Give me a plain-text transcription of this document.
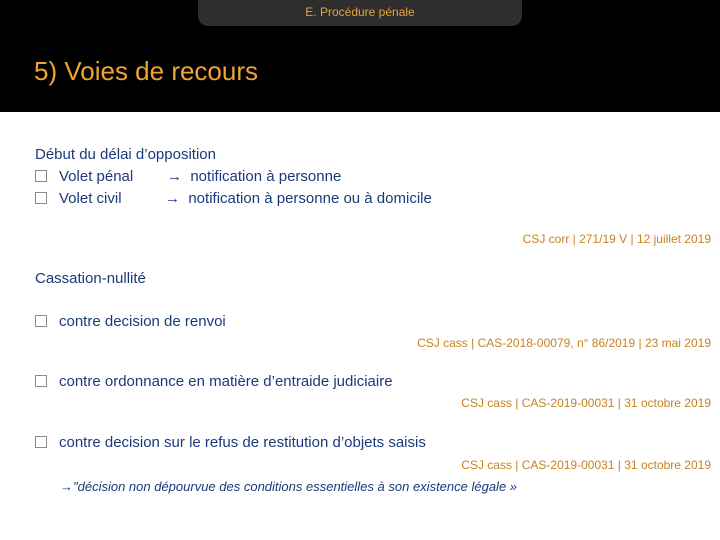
E. Procédure pénale
5) Voies de recours
Début du délai d’opposition
Volet pénal → notification à personne
Volet civil	→ notification à personne ou à domicile
CSJ corr | 271/19 V | 12 juillet 2019
Cassation-nullité
contre decision de renvoi
CSJ cass | CAS-2018-00079, n° 86/2019 | 23 mai 2019
contre ordonnance en matière d’entraide judiciaire
CSJ cass | CAS-2019-00031 | 31 octobre 2019
contre decision sur le refus de restitution d’objets saisis
CSJ cass | CAS-2019-00031 | 31 octobre 2019
→"décision non dépourvue des conditions essentielles à son existence légale »
